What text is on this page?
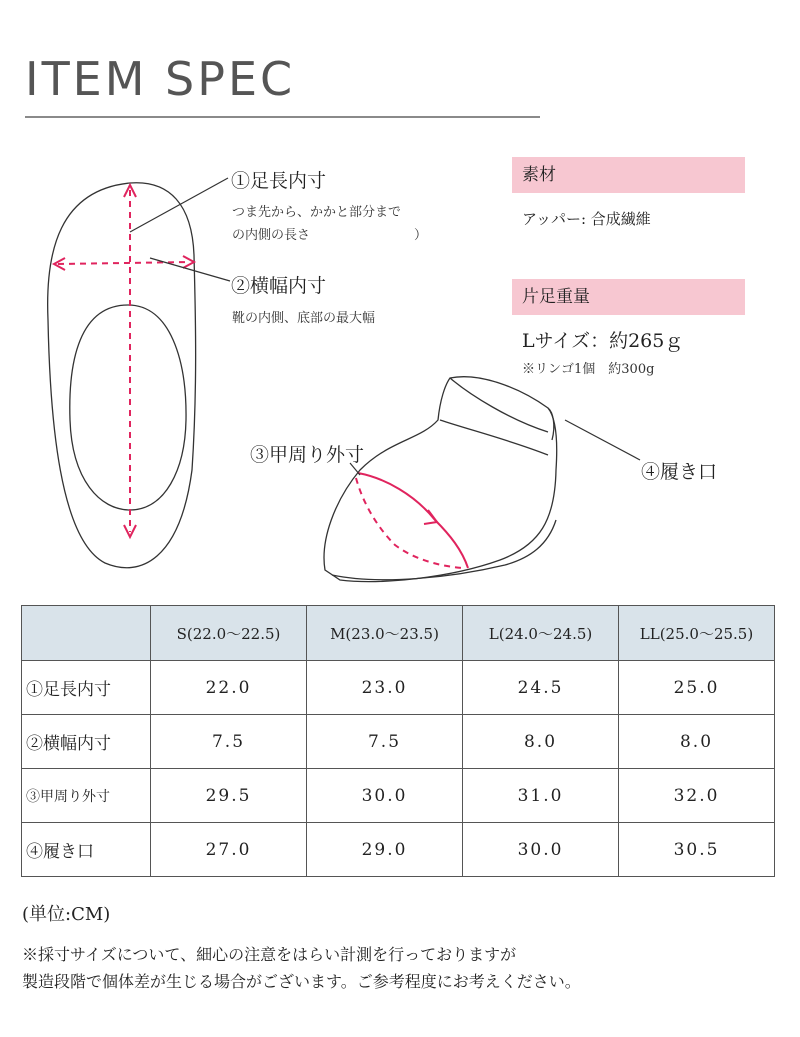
ITEM SPEC
①足長内寸
つま先から、かかと部分まで
の内側の長さ　　　　　　　　）
②横幅内寸
靴の内側、底部の最大幅
③甲周り外寸
④履き口
素材
アッパー: 合成繊維
片足重量
Lサイズ：約265ｇ
※リンゴ1個　約300g
	S(22.0〜22.5)	M(23.0〜23.5)	L(24.0〜24.5)	LL(25.0〜25.5)
①足長内寸	22.0	23.0	24.5	25.0
②横幅内寸	7.5	7.5	8.0	8.0
③甲周り外寸	29.5	30.0	31.0	32.0
④履き口	27.0	29.0	30.0	30.5
(単位:CM)
※採寸サイズについて、細心の注意をはらい計測を行っておりますが
製造段階で個体差が生じる場合がございます。ご参考程度にお考えください。
